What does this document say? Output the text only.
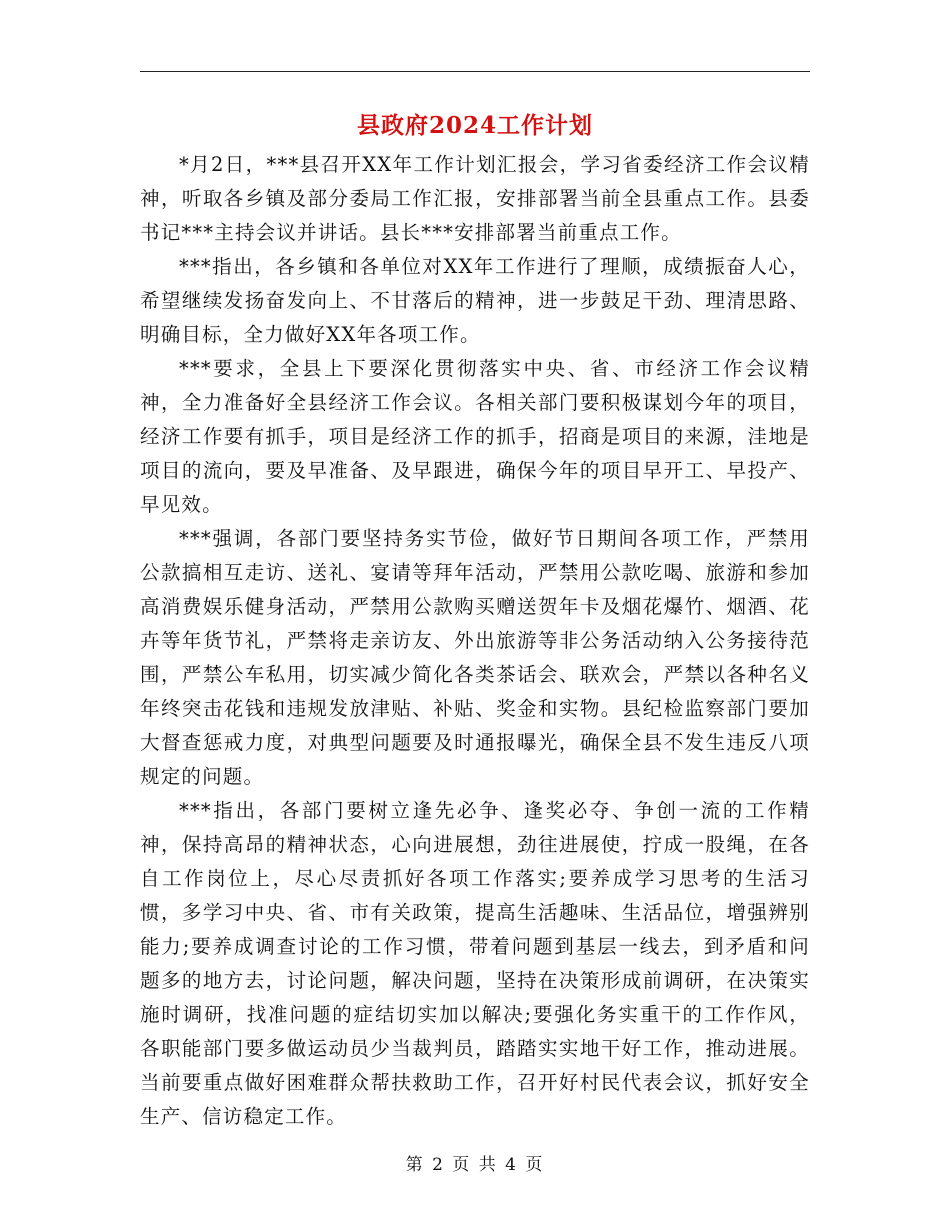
县政府2024工作计划

*月2日，***县召开XX年工作计划汇报会，学习省委经济工作会议精神，听取各乡镇及部分委局工作汇报，安排部署当前全县重点工作。县委书记***主持会议并讲话。县长***安排部署当前重点工作。

***指出，各乡镇和各单位对XX年工作进行了理顺，成绩振奋人心，希望继续发扬奋发向上、不甘落后的精神，进一步鼓足干劲、理清思路、明确目标，全力做好XX年各项工作。

***要求，全县上下要深化贯彻落实中央、省、市经济工作会议精神，全力准备好全县经济工作会议。各相关部门要积极谋划今年的项目，经济工作要有抓手，项目是经济工作的抓手，招商是项目的来源，洼地是项目的流向，要及早准备、及早跟进，确保今年的项目早开工、早投产、早见效。

***强调，各部门要坚持务实节俭，做好节日期间各项工作，严禁用公款搞相互走访、送礼、宴请等拜年活动，严禁用公款吃喝、旅游和参加高消费娱乐健身活动，严禁用公款购买赠送贺年卡及烟花爆竹、烟酒、花卉等年货节礼，严禁将走亲访友、外出旅游等非公务活动纳入公务接待范围，严禁公车私用，切实减少简化各类茶话会、联欢会，严禁以各种名义年终突击花钱和违规发放津贴、补贴、奖金和实物。县纪检监察部门要加大督查惩戒力度，对典型问题要及时通报曝光，确保全县不发生违反八项规定的问题。

***指出，各部门要树立逢先必争、逢奖必夺、争创一流的工作精神，保持高昂的精神状态，心向进展想，劲往进展使，拧成一股绳，在各自工作岗位上，尽心尽责抓好各项工作落实;要养成学习思考的生活习惯，多学习中央、省、市有关政策，提高生活趣味、生活品位，增强辨别能力;要养成调查讨论的工作习惯，带着问题到基层一线去，到矛盾和问题多的地方去，讨论问题，解决问题，坚持在决策形成前调研，在决策实施时调研，找准问题的症结切实加以解决;要强化务实重干的工作作风，各职能部门要多做运动员少当裁判员，踏踏实实地干好工作，推动进展。当前要重点做好困难群众帮扶救助工作，召开好村民代表会议，抓好安全生产、信访稳定工作。

第 2 页 共 4 页
